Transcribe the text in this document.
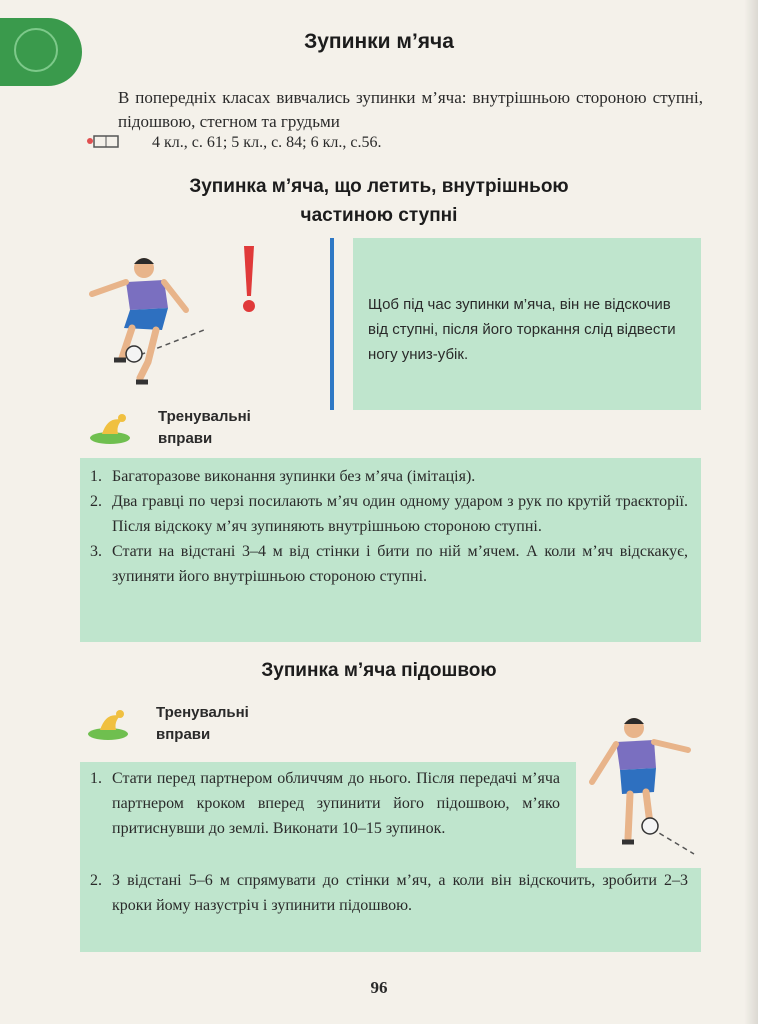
Зупинки м’яча
В попередніх класах вивчались зупинки м’яча: внутрішньою стороною ступні, підошвою, стегном та грудьми
4 кл., с. 61; 5 кл., с. 84; 6 кл., с.56.
Зупинка м’яча, що летить, внутрішньою
частиною ступні
Щоб під час зупинки м’яча, він не відскочив від ступні, після його торкання слід відвести ногу униз-убік.
Тренувальні
вправи
1. Багаторазове виконання зупинки без м’яча (імітація).
2. Два гравці по черзі посилають м’яч один одному ударом з рук по крутій траєкторії. Після відскоку м’яч зупиняють внутрішньою стороною ступні.
3. Стати на відстані 3–4 м від стінки і бити по ній м’ячем. А коли м’яч відскакує, зупиняти його внутрішньою стороною ступні.
Зупинка м’яча підошвою
Тренувальні
вправи
1. Стати перед партнером обличчям до нього. Після передачі м’яча партнером кроком вперед зупинити його підошвою, м’яко притиснувши до землі. Виконати 10–15 зупинок.
2. З відстані 5–6 м спрямувати до стінки м’яч, а коли він відскочить, зробити 2–3 кроки йому назустріч і зупинити підошвою.
96
